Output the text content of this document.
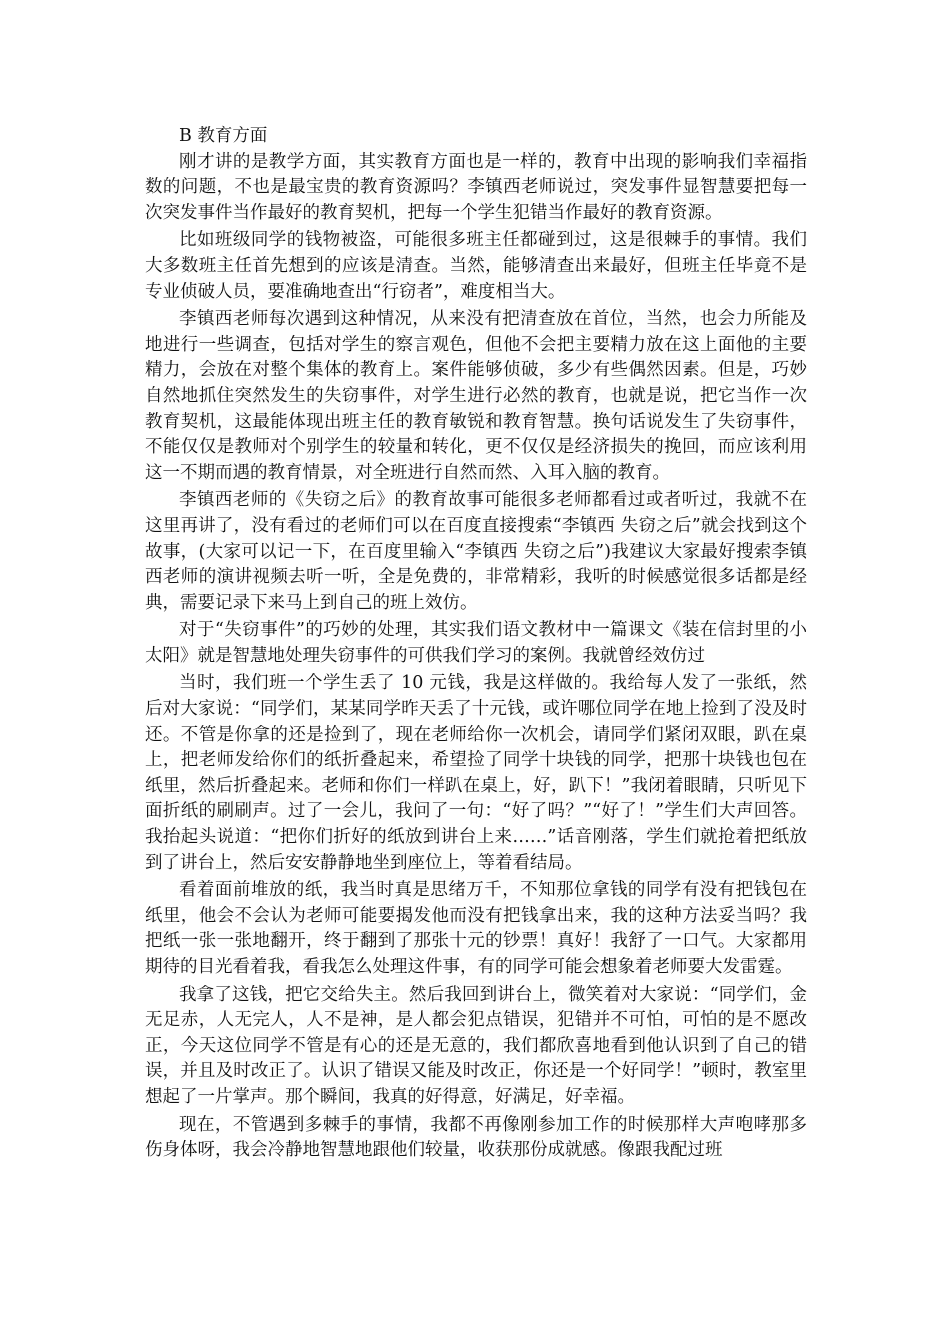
B 教育方面

刚才讲的是教学方面，其实教育方面也是一样的，教育中出现的影响我们幸福指数的问题，不也是最宝贵的教育资源吗？李镇西老师说过，突发事件显智慧要把每一次突发事件当作最好的教育契机，把每一个学生犯错当作最好的教育资源。

比如班级同学的钱物被盗，可能很多班主任都碰到过，这是很棘手的事情。我们大多数班主任首先想到的应该是清查。当然，能够清查出来最好，但班主任毕竟不是专业侦破人员，要准确地查出“行窃者”，难度相当大。

李镇西老师每次遇到这种情况，从来没有把清查放在首位，当然，也会力所能及地进行一些调查，包括对学生的察言观色，但他不会把主要精力放在这上面他的主要精力，会放在对整个集体的教育上。案件能够侦破，多少有些偶然因素。但是，巧妙自然地抓住突然发生的失窃事件，对学生进行必然的教育，也就是说，把它当作一次教育契机，这最能体现出班主任的教育敏锐和教育智慧。换句话说发生了失窃事件，不能仅仅是教师对个别学生的较量和转化，更不仅仅是经济损失的挽回，而应该利用这一不期而遇的教育情景，对全班进行自然而然、入耳入脑的教育。

李镇西老师的《失窃之后》的教育故事可能很多老师都看过或者听过，我就不在这里再讲了，没有看过的老师们可以在百度直接搜索“李镇西 失窃之后”就会找到这个故事，(大家可以记一下，在百度里输入“李镇西 失窃之后”)我建议大家最好搜索李镇西老师的演讲视频去听一听，全是免费的，非常精彩，我听的时候感觉很多话都是经典，需要记录下来马上到自己的班上效仿。

对于“失窃事件”的巧妙的处理，其实我们语文教材中一篇课文《装在信封里的小太阳》就是智慧地处理失窃事件的可供我们学习的案例。我就曾经效仿过

当时，我们班一个学生丢了 10 元钱，我是这样做的。我给每人发了一张纸，然后对大家说：“同学们，某某同学昨天丢了十元钱，或许哪位同学在地上捡到了没及时还。不管是你拿的还是捡到了，现在老师给你一次机会，请同学们紧闭双眼，趴在桌上，把老师发给你们的纸折叠起来，希望捡了同学十块钱的同学，把那十块钱也包在纸里，然后折叠起来。老师和你们一样趴在桌上，好，趴下！”我闭着眼睛，只听见下面折纸的刷刷声。过了一会儿，我问了一句：“好了吗？”“好了！”学生们大声回答。我抬起头说道：“把你们折好的纸放到讲台上来……”话音刚落，学生们就抢着把纸放到了讲台上，然后安安静静地坐到座位上，等着看结局。

看着面前堆放的纸，我当时真是思绪万千，不知那位拿钱的同学有没有把钱包在纸里，他会不会认为老师可能要揭发他而没有把钱拿出来，我的这种方法妥当吗？我把纸一张一张地翻开，终于翻到了那张十元的钞票！真好！我舒了一口气。大家都用期待的目光看着我，看我怎么处理这件事，有的同学可能会想象着老师要大发雷霆。

我拿了这钱，把它交给失主。然后我回到讲台上，微笑着对大家说：“同学们，金无足赤，人无完人，人不是神，是人都会犯点错误，犯错并不可怕，可怕的是不愿改正，今天这位同学不管是有心的还是无意的，我们都欣喜地看到他认识到了自己的错误，并且及时改正了。认识了错误又能及时改正，你还是一个好同学！”顿时，教室里想起了一片掌声。那个瞬间，我真的好得意，好满足，好幸福。

现在，不管遇到多棘手的事情，我都不再像刚参加工作的时候那样大声咆哮那多伤身体呀，我会冷静地智慧地跟他们较量，收获那份成就感。像跟我配过班
